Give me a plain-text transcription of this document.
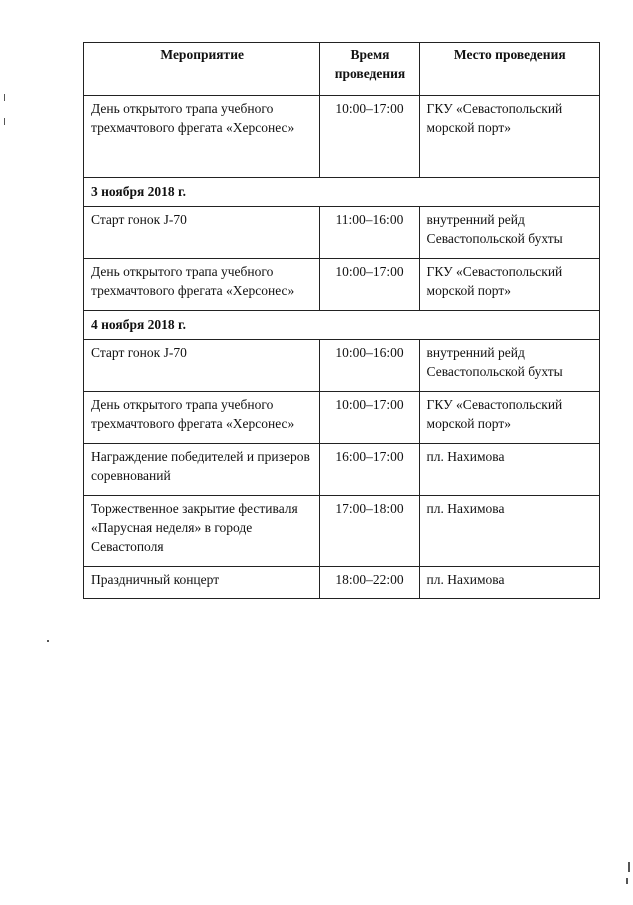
Мероприятие	Время проведения	Место проведения
День открытого трапа учебного трехмачтового фрегата «Херсонес»	10:00–17:00	ГКУ «Севастопольский морской порт»
3 ноября 2018 г.		
Старт гонок J-70	11:00–16:00	внутренний рейд Севастопольской бухты
День открытого трапа учебного трехмачтового фрегата «Херсонес»	10:00–17:00	ГКУ «Севастопольский морской порт»
4 ноября 2018 г.		
Старт гонок J-70	10:00–16:00	внутренний рейд Севастопольской бухты
День открытого трапа учебного трехмачтового фрегата «Херсонес»	10:00–17:00	ГКУ «Севастопольский морской порт»
Награждение победителей и призеров соревнований	16:00–17:00	пл. Нахимова
Торжественное закрытие фестиваля «Парусная неделя» в городе Севастополя	17:00–18:00	пл. Нахимова
Праздничный концерт	18:00–22:00	пл. Нахимова
